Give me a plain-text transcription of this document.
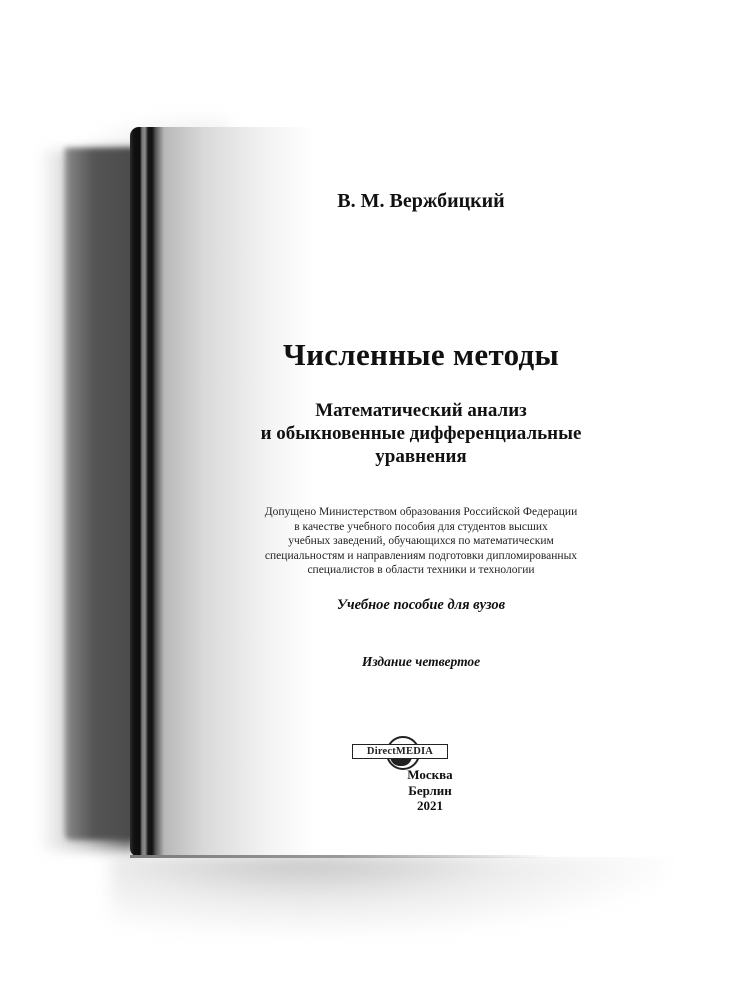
В. М. Вержбицкий
Численные методы
Математический анализ
и обыкновенные дифференциальные
уравнения
Допущено Министерством образования Российской Федерации
в качестве учебного пособия для студентов высших
учебных заведений, обучающихся по математическим
специальностям и направлениям подготовки дипломированных
специалистов в области техники и технологии
Учебное пособие для вузов
Издание четвертое
DirectMEDIA
Москва
Берлин
2021
